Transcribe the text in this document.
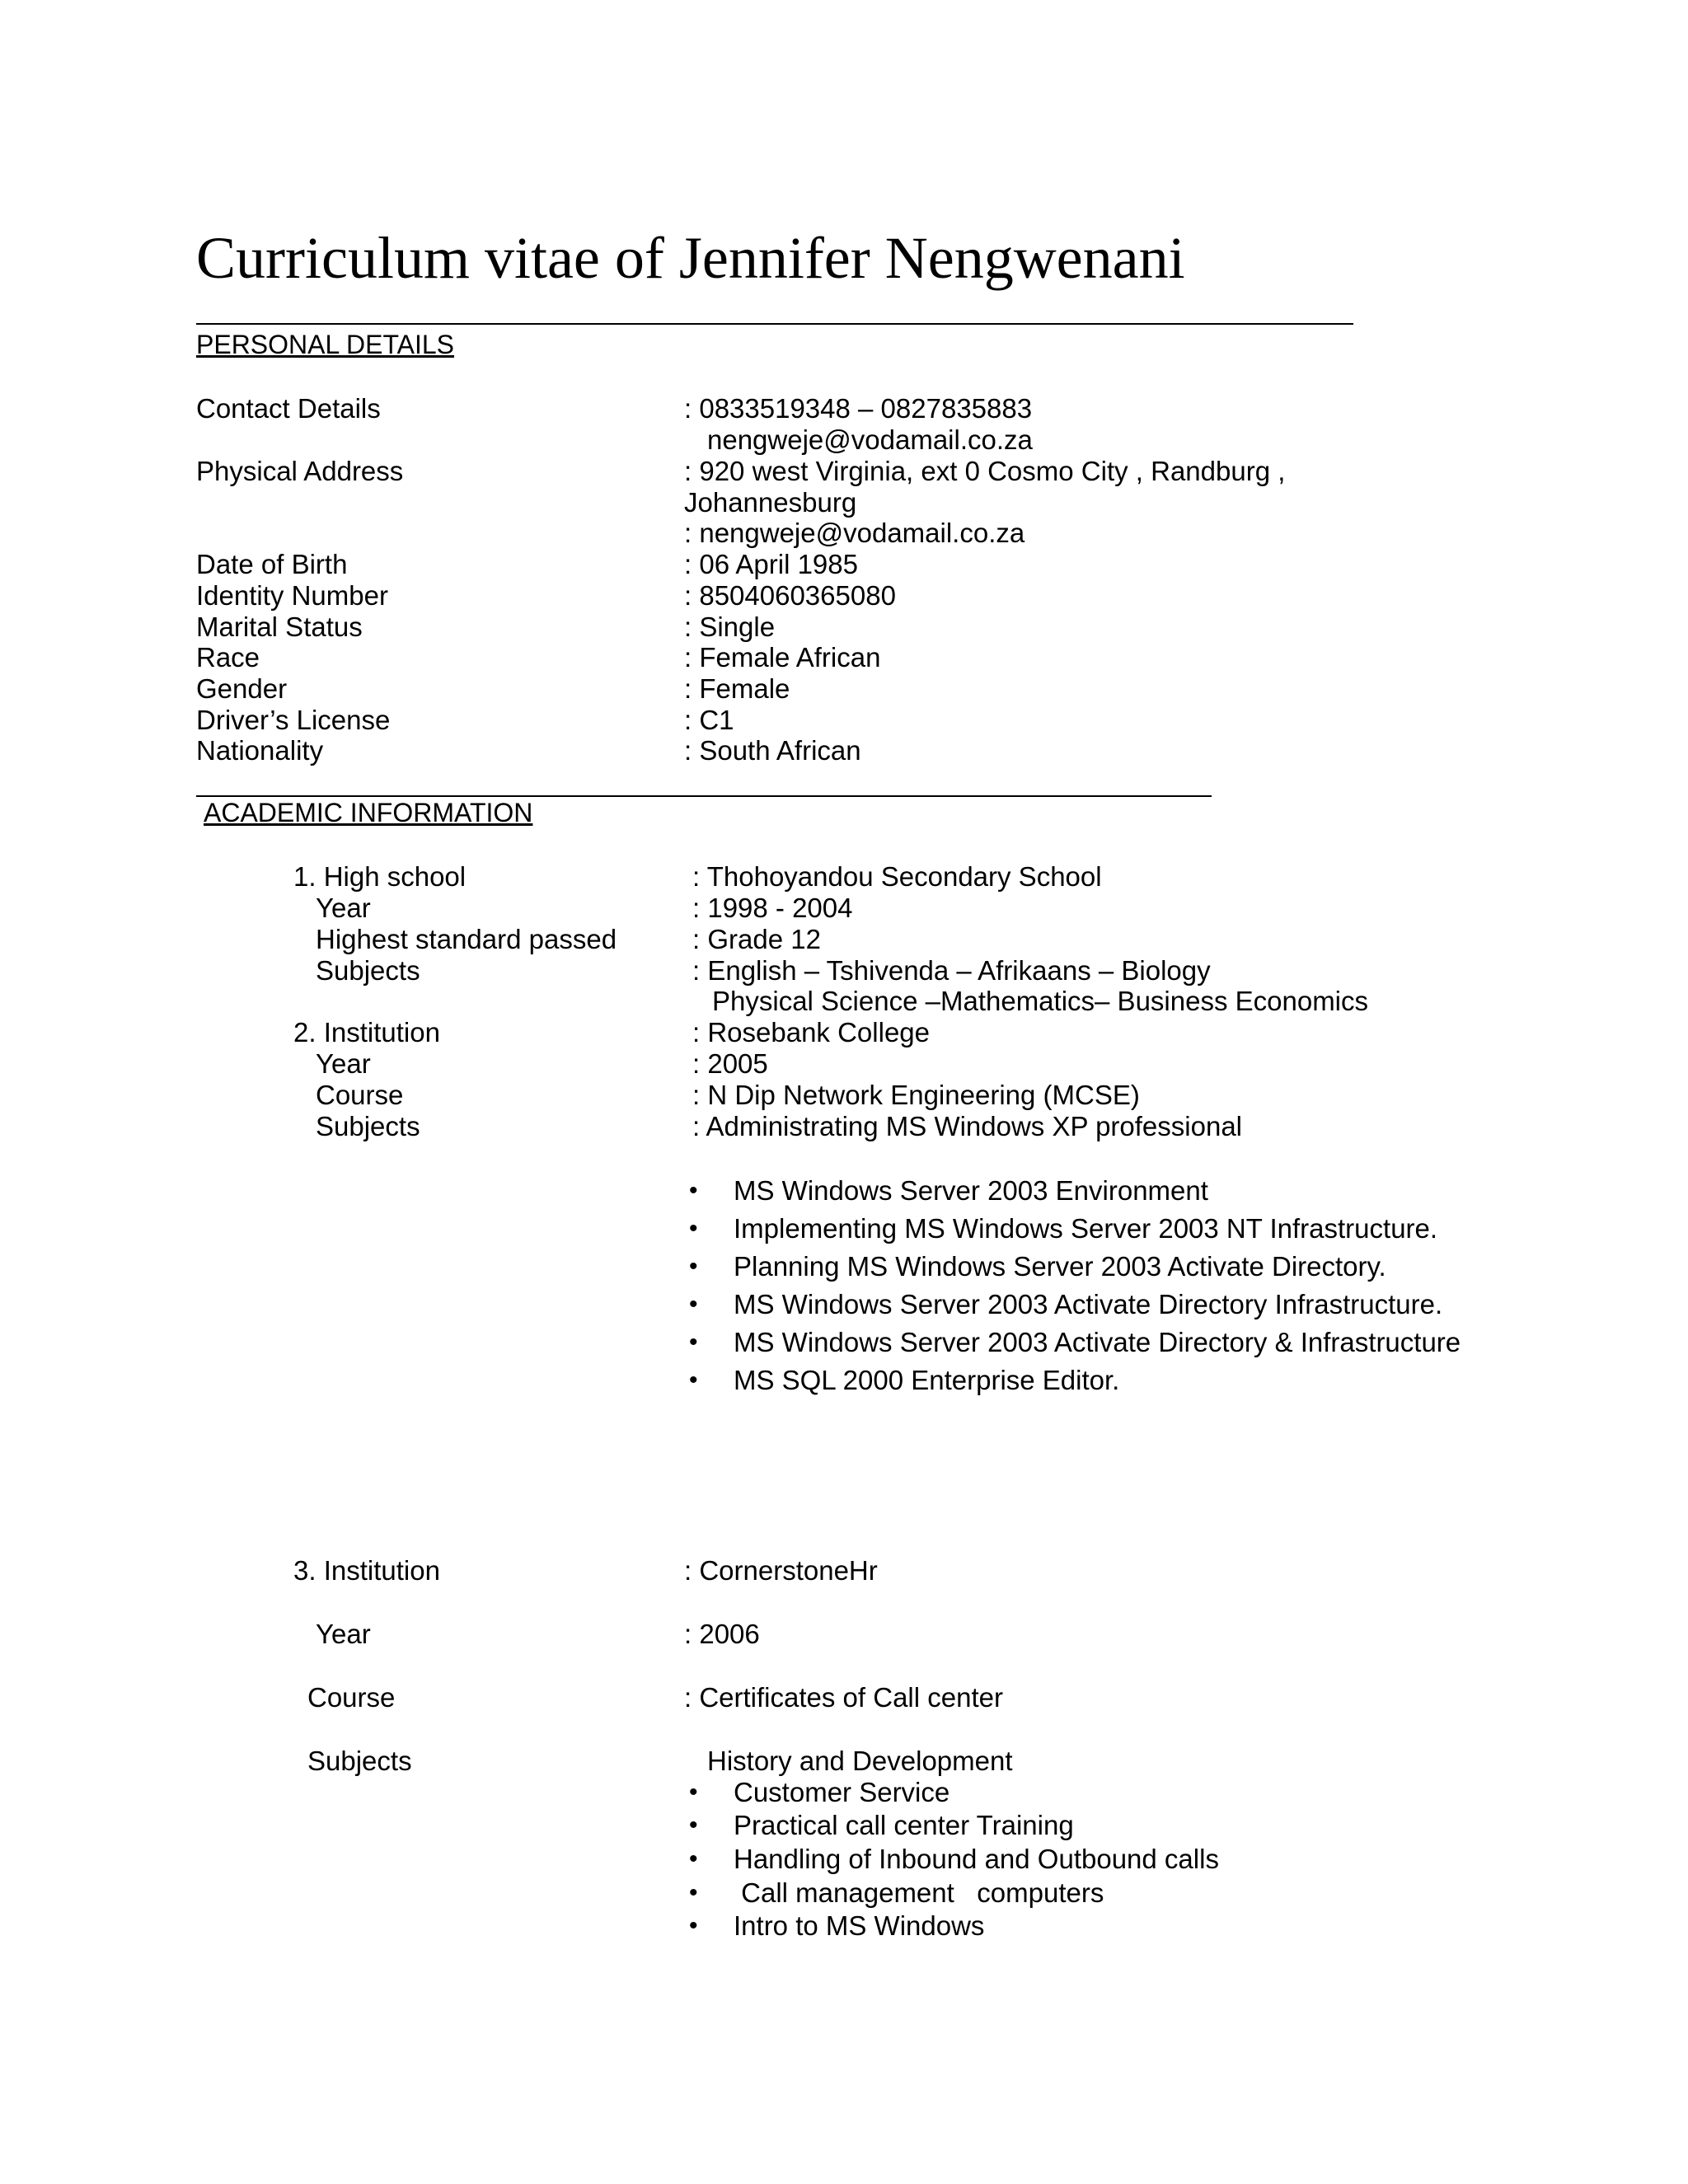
Curriculum vitae of Jennifer Nengwenani
PERSONAL DETAILS
Contact Details	: 0833519348 – 0827835883
nengweje@vodamail.co.za
Physical Address	: 920 west Virginia, ext 0 Cosmo City , Randburg ,
Johannesburg
: nengweje@vodamail.co.za
Date of Birth	: 06 April 1985
Identity Number	: 8504060365080
Marital Status	: Single
Race	: Female African
Gender	: Female
Driver’s License	: C1
Nationality	: South African
ACADEMIC INFORMATION
1. High school	: Thohoyandou Secondary School
Year	: 1998 - 2004
Highest standard passed	: Grade 12
Subjects	: English – Tshivenda – Afrikaans – Biology
Physical Science –Mathematics– Business Economics
2. Institution	: Rosebank College
Year	: 2005
Course	: N Dip Network Engineering (MCSE)
Subjects	: Administrating MS Windows XP professional
• MS Windows Server 2003 Environment
• Implementing MS Windows Server 2003 NT Infrastructure.
• Planning MS Windows Server 2003 Activate Directory.
• MS Windows Server 2003 Activate Directory Infrastructure.
• MS Windows Server 2003 Activate Directory & Infrastructure
• MS SQL 2000 Enterprise Editor.
3. Institution	: CornerstoneHr
Year	: 2006
Course	: Certificates of Call center
Subjects	History and Development
• Customer Service
• Practical call center Training
• Handling of Inbound and Outbound calls
• Call management   computers
• Intro to MS Windows
